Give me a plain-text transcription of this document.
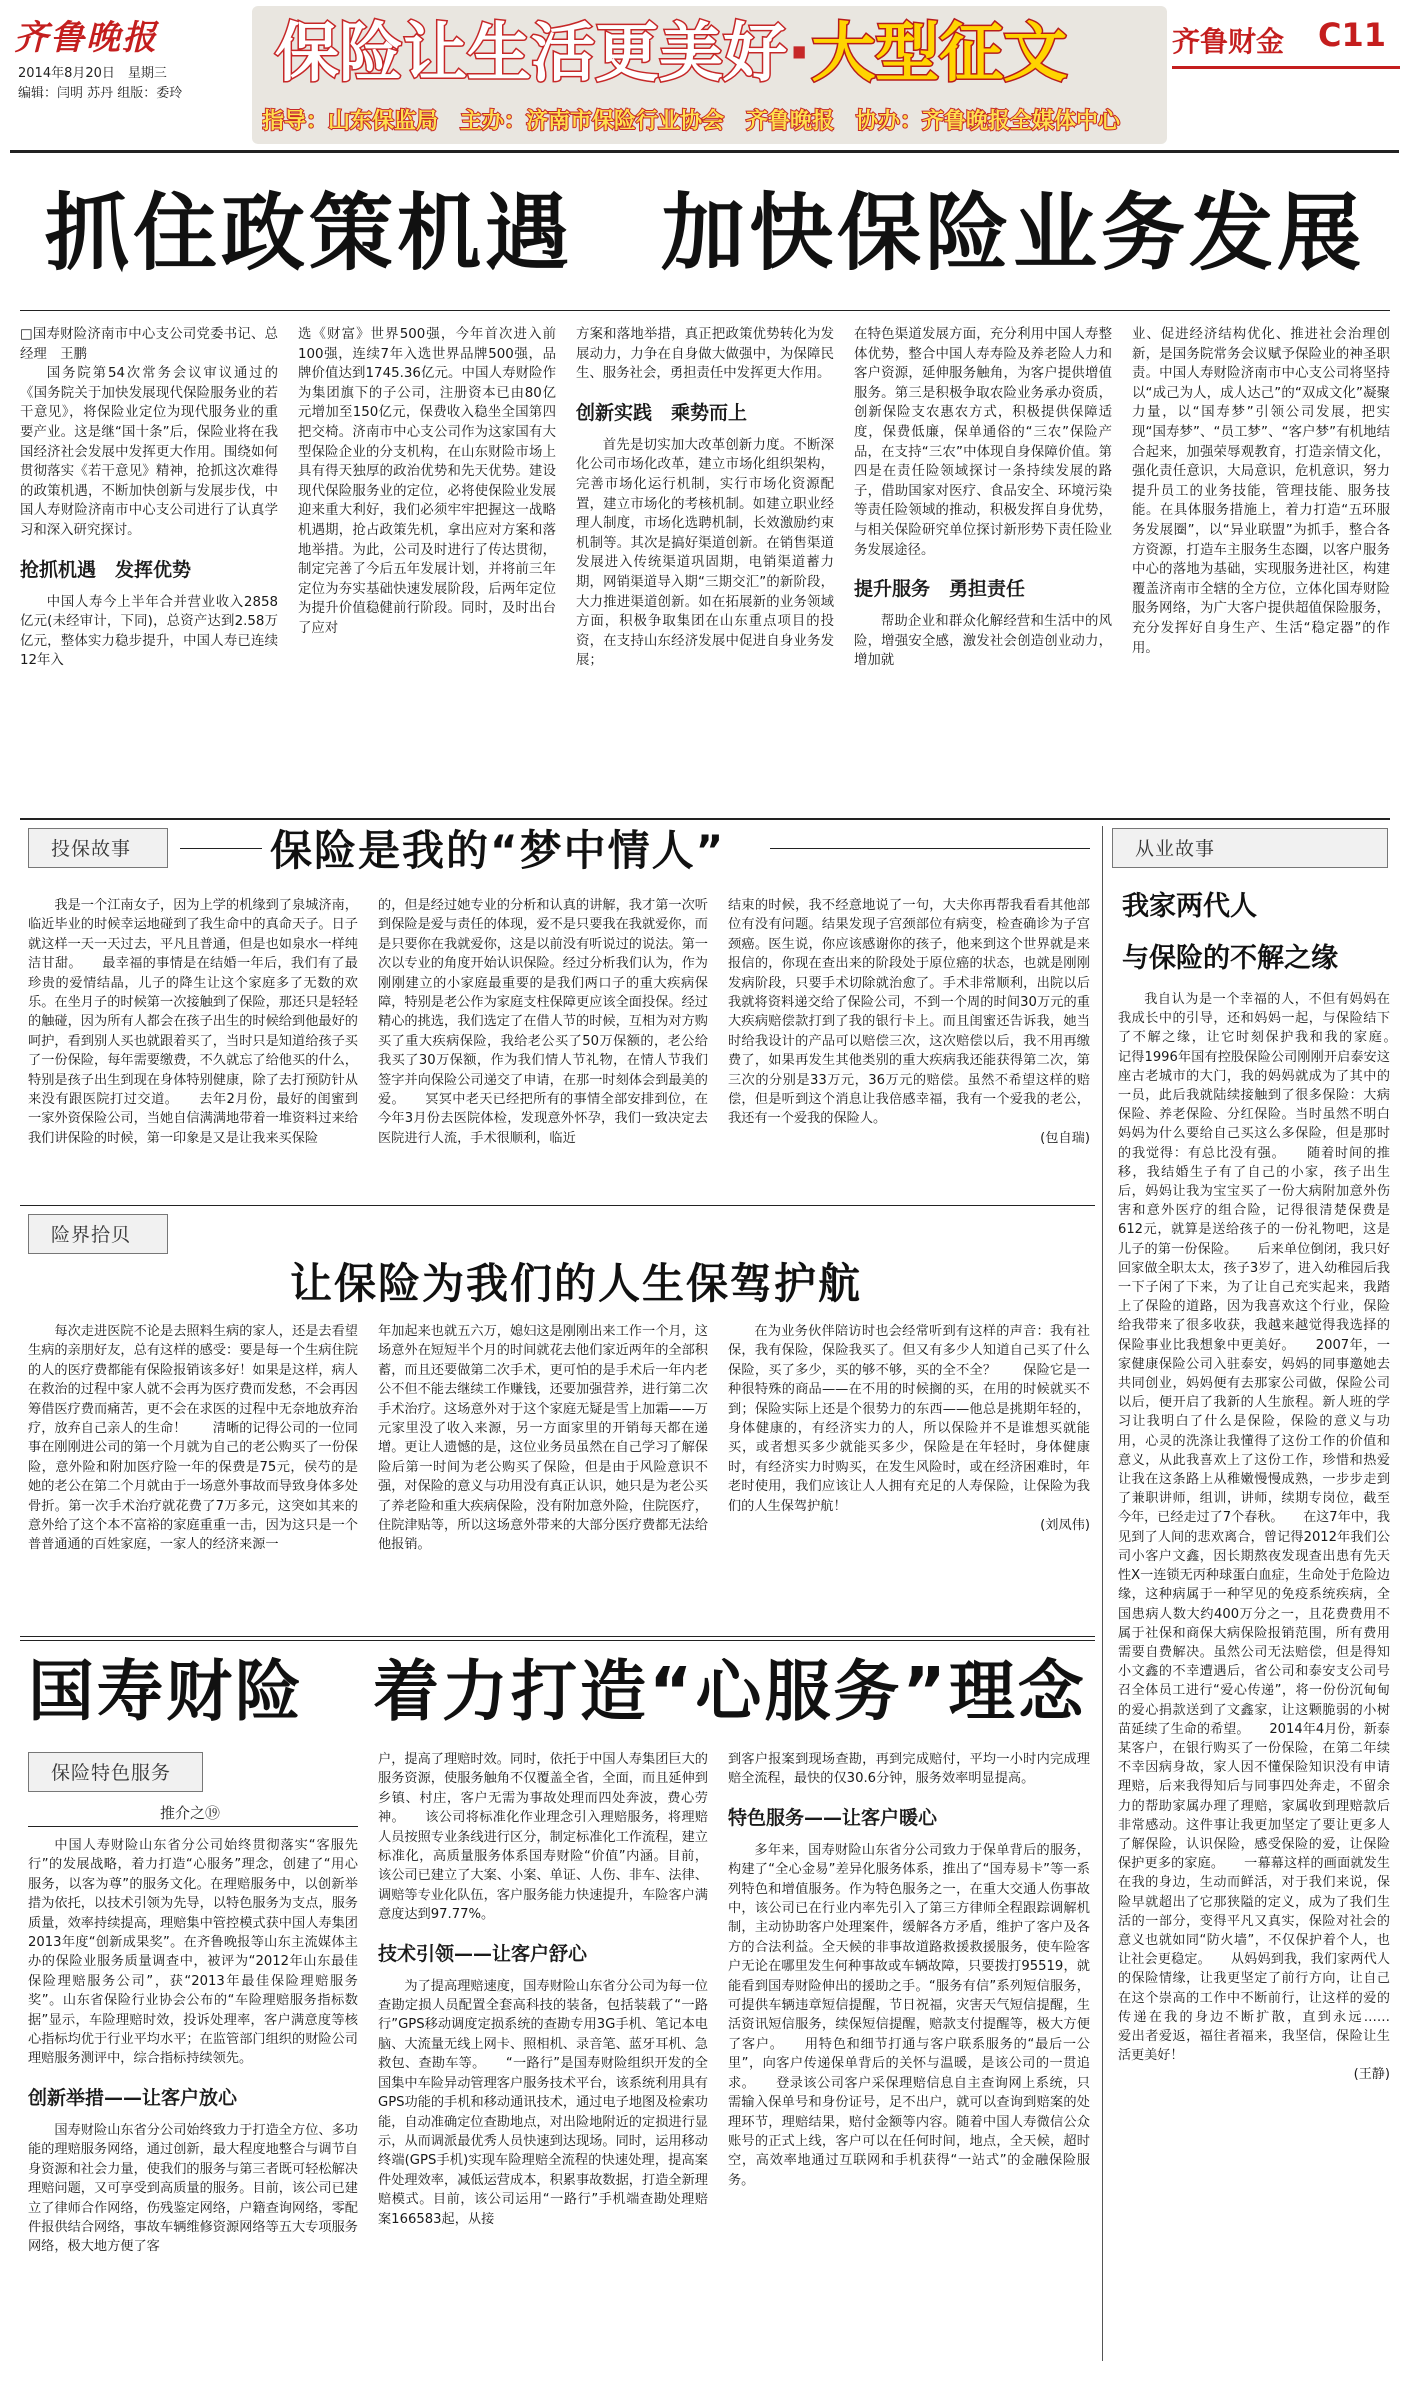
齐鲁晚报
2014年8月20日　星期三
编辑：闫明 苏丹 组版：委玲
保险让生活更美好·大型征文
指导：山东保监局　主办：济南市保险行业协会　齐鲁晚报　协办：齐鲁晚报全媒体中心
齐鲁财金 C11
抓住政策机遇　加快保险业务发展

□国寿财险济南市中心支公司党委书记、总经理　王鹏

国务院第54次常务会议审议通过的《国务院关于加快发展现代保险服务业的若干意见》，将保险业定位为现代服务业的重要产业。这是继“国十条”后，保险业将在我国经济社会发展中发挥更大作用。围绕如何贯彻落实《若干意见》精神，抢抓这次难得的政策机遇，不断加快创新与发展步伐，中国人寿财险济南市中心支公司进行了认真学习和深入研究探讨。

抢抓机遇　发挥优势

中国人寿今上半年合并营业收入2858亿元(未经审计，下同)，总资产达到2.58万亿元，整体实力稳步提升，中国人寿已连续12年入

选《财富》世界500强，今年首次进入前100强，连续7年入选世界品牌500强，品牌价值达到1745.36亿元。中国人寿财险作为集团旗下的子公司，注册资本已由80亿元增加至150亿元，保费收入稳坐全国第四把交椅。济南市中心支公司作为这家国有大型保险企业的分支机构，在山东财险市场上具有得天独厚的政治优势和先天优势。建设现代保险服务业的定位，必将使保险业发展迎来重大利好，我们必须牢牢把握这一战略机遇期，抢占政策先机，拿出应对方案和落地举措。为此，公司及时进行了传达贯彻，制定完善了今后五年发展计划，并将前三年定位为夯实基础快速发展阶段，后两年定位为提升价值稳健前行阶段。同时，及时出台了应对

方案和落地举措，真正把政策优势转化为发展动力，力争在自身做大做强中，为保障民生、服务社会，勇担责任中发挥更大作用。

创新实践　乘势而上

首先是切实加大改革创新力度。不断深化公司市场化改革，建立市场化组织架构，完善市场化运行机制，实行市场化资源配置，建立市场化的考核机制。如建立职业经理人制度，市场化选聘机制，长效激励约束机制等。其次是搞好渠道创新。在销售渠道发展进入传统渠道巩固期，电销渠道蓄力期，网销渠道导入期“三期交汇”的新阶段，大力推进渠道创新。如在拓展新的业务领域方面，积极争取集团在山东重点项目的投资，在支持山东经济发展中促进自身业务发展；

在特色渠道发展方面，充分利用中国人寿整体优势，整合中国人寿寿险及养老险人力和客户资源，延伸服务触角，为客户提供增值服务。第三是积极争取农险业务承办资质，创新保险支农惠农方式，积极提供保障适度，保费低廉，保单通俗的“三农”保险产品，在支持“三农”中体现自身保障价值。第四是在责任险领域探讨一条持续发展的路子，借助国家对医疗、食品安全、环境污染等责任险领域的推动，积极发挥自身优势，与相关保险研究单位探讨新形势下责任险业务发展途径。

提升服务　勇担责任

帮助企业和群众化解经营和生活中的风险，增强安全感，激发社会创造创业动力，增加就

业、促进经济结构优化、推进社会治理创新，是国务院常务会议赋予保险业的神圣职责。中国人寿财险济南市中心支公司将坚持以“成己为人，成人达己”的“双成文化”凝聚力量，以“国寿梦”引领公司发展，把实现“国寿梦”、“员工梦”、“客户梦”有机地结合起来，加强荣辱观教育，打造亲情文化，强化责任意识，大局意识，危机意识，努力提升员工的业务技能，管理技能、服务技能。在具体服务措施上，着力打造“五环服务发展圈”，以“异业联盟”为抓手，整合各方资源，打造车主服务生态圈，以客户服务中心的落地为基础，实现服务进社区，构建覆盖济南市全辖的全方位，立体化国寿财险服务网络，为广大客户提供超值保险服务，充分发挥好自身生产、生活“稳定器”的作用。

从业故事
我家两代人
与保险的不解之缘

我自认为是一个幸福的人，不但有妈妈在我成长中的引导，还和妈妈一起，与保险结下了不解之缘，让它时刻保护我和我的家庭。　　记得1996年国有控股保险公司刚刚开启泰安这座古老城市的大门，我的妈妈就成为了其中的一员，此后我就陆续接触到了很多保险：大病保险、养老保险、分红保险。当时虽然不明白妈妈为什么要给自己买这么多保险，但是那时的我觉得：有总比没有强。　　随着时间的推移，我结婚生子有了自己的小家，孩子出生后，妈妈让我为宝宝买了一份大病附加意外伤害和意外医疗的组合险，记得很清楚保费是612元，就算是送给孩子的一份礼物吧，这是儿子的第一份保险。　　后来单位倒闭，我只好回家做全职太太，孩子3岁了，进入幼稚园后我一下子闲了下来，为了让自己充实起来，我踏上了保险的道路，因为我喜欢这个行业，保险给我带来了很多收获，我越来越觉得我选择的保险事业比我想象中更美好。　　2007年，一家健康保险公司入驻泰安，妈妈的同事邀她去共同创业，妈妈便有去那家公司做，保险公司以后，便开启了我新的人生旅程。新人班的学习让我明白了什么是保险，保险的意义与功用，心灵的洗涤让我懂得了这份工作的价值和意义，从此我喜欢上了这份工作，珍惜和热爱让我在这条路上从稚嫩慢慢成熟，一步步走到了兼职讲师，组训，讲师，续期专岗位，截至今年，已经走过了7个春秋。　　在这7年中，我见到了人间的悲欢离合，曾记得2012年我们公司小客户文鑫，因长期熬夜发现查出患有先天性X一连锁无丙种球蛋白血症，生命处于危险边缘，这种病属于一种罕见的免疫系统疾病，全国患病人数大约400万分之一，且花费费用不属于社保和商保大病保险报销范围，所有费用需要自费解决。虽然公司无法赔偿，但是得知小文鑫的不幸遭遇后，省公司和泰安支公司号召全体员工进行“爱心传递”，将一份份沉甸甸的爱心捐款送到了文鑫家，让这颗脆弱的小树苗延续了生命的希望。　　2014年4月份，新泰某客户，在银行购买了一份保险，在第二年续不幸因病身故，家人因不懂保险知识没有申请理赔，后来我得知后与同事四处奔走，不留余力的帮助家属办理了理赔，家属收到理赔款后非常感动。这件事让我更加坚定了要让更多人了解保险，认识保险，感受保险的爱，让保险保护更多的家庭。　　一幕幕这样的画面就发生在我的身边，生动而鲜活，对于我们来说，保险早就超出了它那狭隘的定义，成为了我们生活的一部分，变得平凡又真实，保险对社会的意义也就如同“防火墙”，不仅保护着个人，也让社会更稳定。　　从妈妈到我，我们家两代人的保险情缘，让我更坚定了前行方向，让自己在这个崇高的工作中不断前行，让这样的爱的传递在我的身边不断扩散，直到永远……　　爱出者爱返，福往者福来，我坚信，保险让生活更美好！

(王静)

投保故事	保险是我的“梦中情人”

我是一个江南女子，因为上学的机缘到了泉城济南，临近毕业的时候幸运地碰到了我生命中的真命天子。日子就这样一天一天过去，平凡且普通，但是也如泉水一样纯洁甘甜。　　最幸福的事情是在结婚一年后，我们有了最珍贵的爱情结晶，儿子的降生让这个家庭多了无数的欢乐。在坐月子的时候第一次接触到了保险，那还只是轻轻的触碰，因为所有人都会在孩子出生的时候给到他最好的呵护，看到别人买也就跟着买了，当时只是知道给孩子买了一份保险，每年需要缴费，不久就忘了给他买的什么，特别是孩子出生到现在身体特别健康，除了去打预防针从来没有跟医院打过交道。　　去年2月份，最好的闺蜜到一家外资保险公司，当她自信满满地带着一堆资料过来给我们讲保险的时候，第一印象是又是让我来买保险

的，但是经过她专业的分析和认真的讲解，我才第一次听到保险是爱与责任的体现，爱不是只要我在我就爱你，而是只要你在我就爱你，这是以前没有听说过的说法。第一次以专业的角度开始认识保险。经过分析我们认为，作为刚刚建立的小家庭最重要的是我们两口子的重大疾病保障，特别是老公作为家庭支柱保障更应该全面投保。经过精心的挑选，我们选定了在借人节的时候，互相为对方购买了重大疾病保险，我给老公买了50万保额的，老公给我买了30万保额，作为我们情人节礼物，在情人节我们签字并向保险公司递交了申请，在那一时刻体会到最美的爱。　　冥冥中老天已经把所有的事情全部安排到位，在今年3月份去医院体检，发现意外怀孕，我们一致决定去医院进行人流，手术很顺利，临近

结束的时候，我不经意地说了一句，大夫你再帮我看看其他部位有没有问题。结果发现子宫颈部位有病变，检查确诊为子宫颈癌。医生说，你应该感谢你的孩子，他来到这个世界就是来报信的，你现在查出来的阶段处于原位癌的状态，也就是刚刚发病阶段，只要手术切除就治愈了。手术非常顺利，出院以后我就将资料递交给了保险公司，不到一个周的时间30万元的重大疾病赔偿款打到了我的银行卡上。而且闺蜜还告诉我，她当时给我设计的产品可以赔偿三次，这次赔偿以后，我不用再缴费了，如果再发生其他类别的重大疾病我还能获得第二次，第三次的分别是33万元，36万元的赔偿。虽然不希望这样的赔偿，但是听到这个消息让我倍感幸福，我有一个爱我的老公，我还有一个爱我的保险人。

(包自瑞)

险界拾贝
让保险为我们的人生保驾护航

每次走进医院不论是去照料生病的家人，还是去看望生病的亲朋好友，总有这样的感受：要是每一个生病住院的人的医疗费都能有保险报销该多好！如果是这样，病人在救治的过程中家人就不会再为医疗费而发愁，不会再因筹借医疗费而痛苦，更不会在求医的过程中无奈地放弃治疗，放弃自己亲人的生命！　　清晰的记得公司的一位同事在刚刚进公司的第一个月就为自己的老公购买了一份保险，意外险和附加医疗险一年的保费是75元，侯芍的是她的老公在第二个月就由于一场意外事故而导致身体多处骨折。第一次手术治疗就花费了7万多元，这突如其来的意外给了这个本不富裕的家庭重重一击，因为这只是一个普普通通的百姓家庭，一家人的经济来源一

年加起来也就五六万，媳妇这是刚刚出来工作一个月，这场意外在短短半个月的时间就花去他们家近两年的全部积蓄，而且还要做第二次手术，更可怕的是手术后一年内老公不但不能去继续工作赚钱，还要加强营养，进行第二次手术治疗。这场意外对于这个家庭无疑是雪上加霜——万元家里没了收入来源，另一方面家里的开销每天都在递增。更让人遗憾的是，这位业务员虽然在自己学习了解保险后第一时间为老公购买了保险，但是由于风险意识不强，对保险的意义与功用没有真正认识，她只是为老公买了养老险和重大疾病保险，没有附加意外险，住院医疗，住院津贴等，所以这场意外带来的大部分医疗费都无法给他报销。

在为业务伙伴陪访时也会经常听到有这样的声音：我有社保，我有保险，保险我买了。但又有多少人知道自己买了什么保险，买了多少，买的够不够，买的全不全？　　保险它是一种很特殊的商品——在不用的时候搁的买，在用的时候就买不到；保险实际上还是个很势力的东西——他总是挑期年轻的，身体健康的，有经济实力的人，所以保险并不是谁想买就能买，或者想买多少就能买多少，保险是在年轻时，身体健康时，有经济实力时购买，在发生风险时，或在经济困难时，年老时使用，我们应该让人人拥有充足的人寿保险，让保险为我们的人生保驾护航！

(刘凤伟)

国寿财险　着力打造“心服务”理念
保险特色服务
推介之⑲

中国人寿财险山东省分公司始终贯彻落实“客服先行”的发展战略，着力打造“心服务”理念，创建了“用心服务，以客为尊”的服务文化。在理赔服务中，以创新举措为依托，以技术引领为先导，以特色服务为支点，服务质量，效率持续提高，理赔集中管控模式获中国人寿集团2013年度“创新成果奖”。在齐鲁晚报等山东主流媒体主办的保险业服务质量调查中，被评为“2012年山东最佳保险理赔服务公司”，获“2013年最佳保险理赔服务奖”。山东省保险行业协会公布的“车险理赔服务指标数据”显示，车险理赔时效，投诉处理率，客户满意度等核心指标均优于行业平均水平；在监管部门组织的财险公司理赔服务测评中，综合指标持续领先。

创新举措——让客户放心

国寿财险山东省分公司始终致力于打造全方位、多功能的理赔服务网络，通过创新，最大程度地整合与调节自身资源和社会力量，使我们的服务与第三者既可轻松解决理赔问题，又可享受到高质量的服务。目前，该公司已建立了律师合作网络，伤残鉴定网络，户籍查询网络，零配件报供结合网络，事故车辆维修资源网络等五大专项服务网络，极大地方便了客

户，提高了理赔时效。同时，依托于中国人寿集团巨大的服务资源，使服务触角不仅覆盖全省，全面，而且延伸到乡镇、村庄，客户无需为事故处理而四处奔波，费心劳神。　　该公司将标准化作业理念引入理赔服务，将理赔人员按照专业条线进行区分，制定标准化工作流程，建立标准化，高质量服务体系国寿财险“价值”内涵。目前，该公司已建立了大案、小案、单证、人伤、非车、法律、调赔等专业化队伍，客户服务能力快速提升，车险客户满意度达到97.77%。

技术引领——让客户舒心

为了提高理赔速度，国寿财险山东省分公司为每一位查勘定损人员配置全套高科技的装备，包括装载了“一路行”GPS移动调度定损系统的查勘专用3G手机、笔记本电脑、大流量无线上网卡、照相机、录音笔、蓝牙耳机、急救包、查勘车等。　　“一路行”是国寿财险组织开发的全国集中车险异动管理客户服务技术平台，该系统利用具有GPS功能的手机和移动通讯技术，通过电子地图及检索功能，自动准确定位查勘地点，对出险地附近的定损进行显示，从而调派最优秀人员快速到达现场。同时，运用移动终端(GPS手机)实现车险理赔全流程的快速处理，提高案件处理效率，减低运营成本，积累事故数据，打造全新理赔模式。目前，该公司运用“一路行”手机端查勘处理赔案166583起，从接

到客户报案到现场查勘，再到完成赔付，平均一小时内完成理赔全流程，最快的仅30.6分钟，服务效率明显提高。

特色服务——让客户暖心

多年来，国寿财险山东省分公司致力于保单背后的服务，构建了“全心金易”差异化服务体系，推出了“国寿易卡”等一系列特色和增值服务。作为特色服务之一，在重大交通人伤事故中，该公司已在行业内率先引入了第三方律师全程跟踪调解机制，主动协助客户处理案件，缓解各方矛盾，维护了客户及各方的合法利益。全天候的非事故道路救援救援服务，使车险客户无论在哪里发生何种事故或车辆故障，只要拨打95519，就能看到国寿财险伸出的援助之手。“服务有信”系列短信服务，可提供车辆违章短信提醒，节日祝福，灾害天气短信提醒，生活资讯短信服务，续保短信提醒，赔款支付提醒等，极大方便了客户。　　用特色和细节打通与客户联系服务的“最后一公里”，向客户传递保单背后的关怀与温暖，是该公司的一贯追求。　　登录该公司客户采保理赔信息自主查询网上系统，只需输入保单号和身份证号，足不出户，就可以查询到赔案的处理环节，理赔结果，赔付金额等内容。随着中国人寿微信公众账号的正式上线，客户可以在任何时间，地点，全天候，超时空，高效率地通过互联网和手机获得“一站式”的金融保险服务。
